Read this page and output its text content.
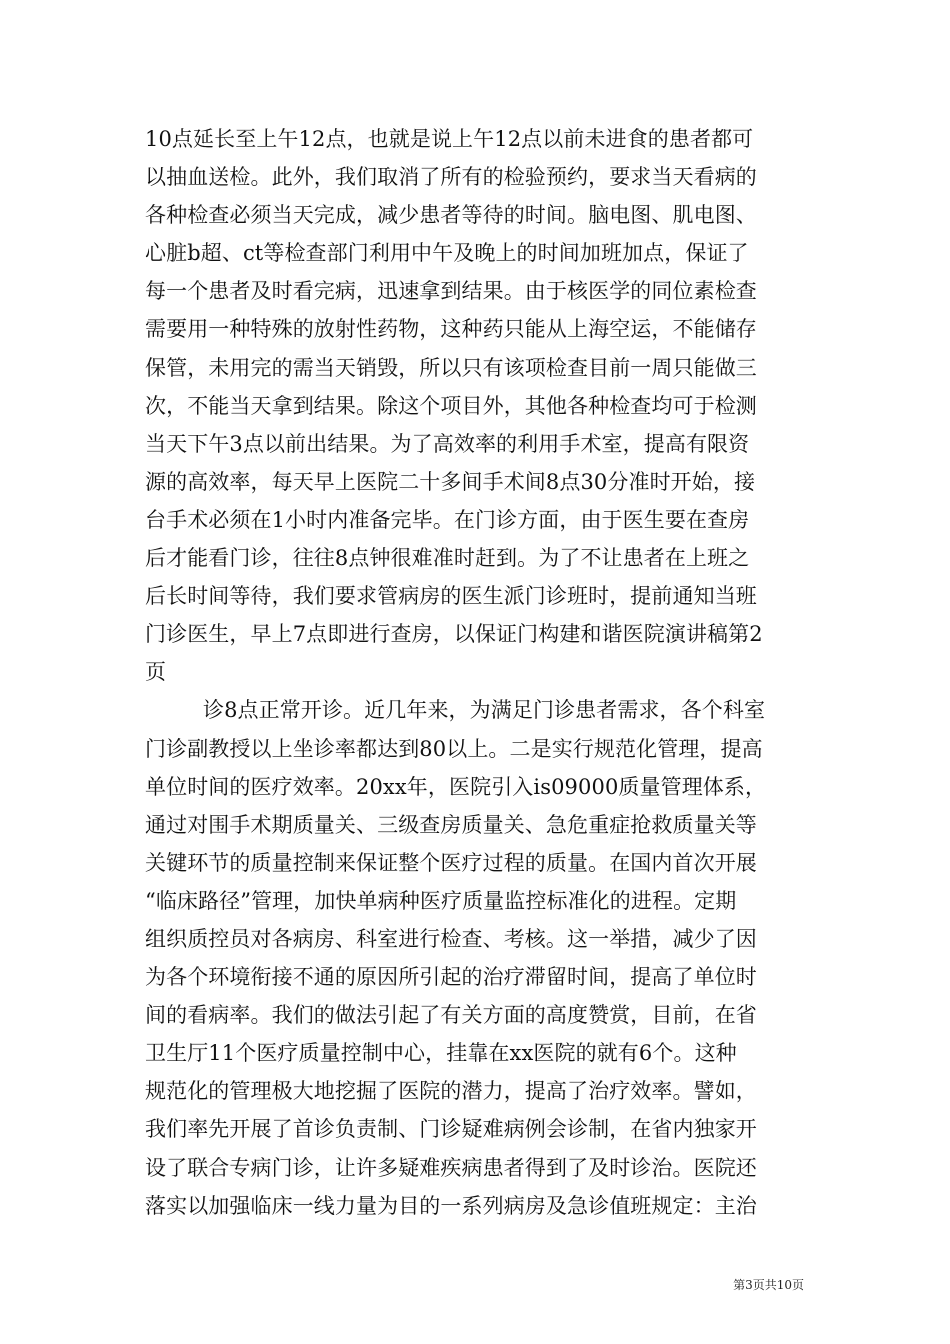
10点延长至上午12点，也就是说上午12点以前未进食的患者都可
以抽血送检。此外，我们取消了所有的检验预约，要求当天看病的
各种检查必须当天完成，减少患者等待的时间。脑电图、肌电图、
心脏b超、ct等检查部门利用中午及晚上的时间加班加点，保证了
每一个患者及时看完病，迅速拿到结果。由于核医学的同位素检查
需要用一种特殊的放射性药物，这种药只能从上海空运，不能储存
保管，未用完的需当天销毁，所以只有该项检查目前一周只能做三
次，不能当天拿到结果。除这个项目外，其他各种检查均可于检测
当天下午3点以前出结果。为了高效率的利用手术室，提高有限资
源的高效率，每天早上医院二十多间手术间8点30分准时开始，接
台手术必须在1小时内准备完毕。在门诊方面，由于医生要在查房
后才能看门诊，往往8点钟很难准时赶到。为了不让患者在上班之
后长时间等待，我们要求管病房的医生派门诊班时，提前通知当班
门诊医生，早上7点即进行查房，以保证门构建和谐医院演讲稿第2
页
诊8点正常开诊。近几年来，为满足门诊患者需求，各个科室
门诊副教授以上坐诊率都达到80以上。二是实行规范化管理，提高
单位时间的医疗效率。20xx年，医院引入is09000质量管理体系，
通过对围手术期质量关、三级查房质量关、急危重症抢救质量关等
关键环节的质量控制来保证整个医疗过程的质量。在国内首次开展
“临床路径”管理，加快单病种医疗质量监控标准化的进程。定期
组织质控员对各病房、科室进行检查、考核。这一举措，减少了因
为各个环境衔接不通的原因所引起的治疗滞留时间，提高了单位时
间的看病率。我们的做法引起了有关方面的高度赞赏，目前，在省
卫生厅11个医疗质量控制中心，挂靠在xx医院的就有6个。这种
规范化的管理极大地挖掘了医院的潜力，提高了治疗效率。譬如，
我们率先开展了首诊负责制、门诊疑难病例会诊制，在省内独家开
设了联合专病门诊，让许多疑难疾病患者得到了及时诊治。医院还
落实以加强临床一线力量为目的一系列病房及急诊值班规定：主治
第3页共10页
